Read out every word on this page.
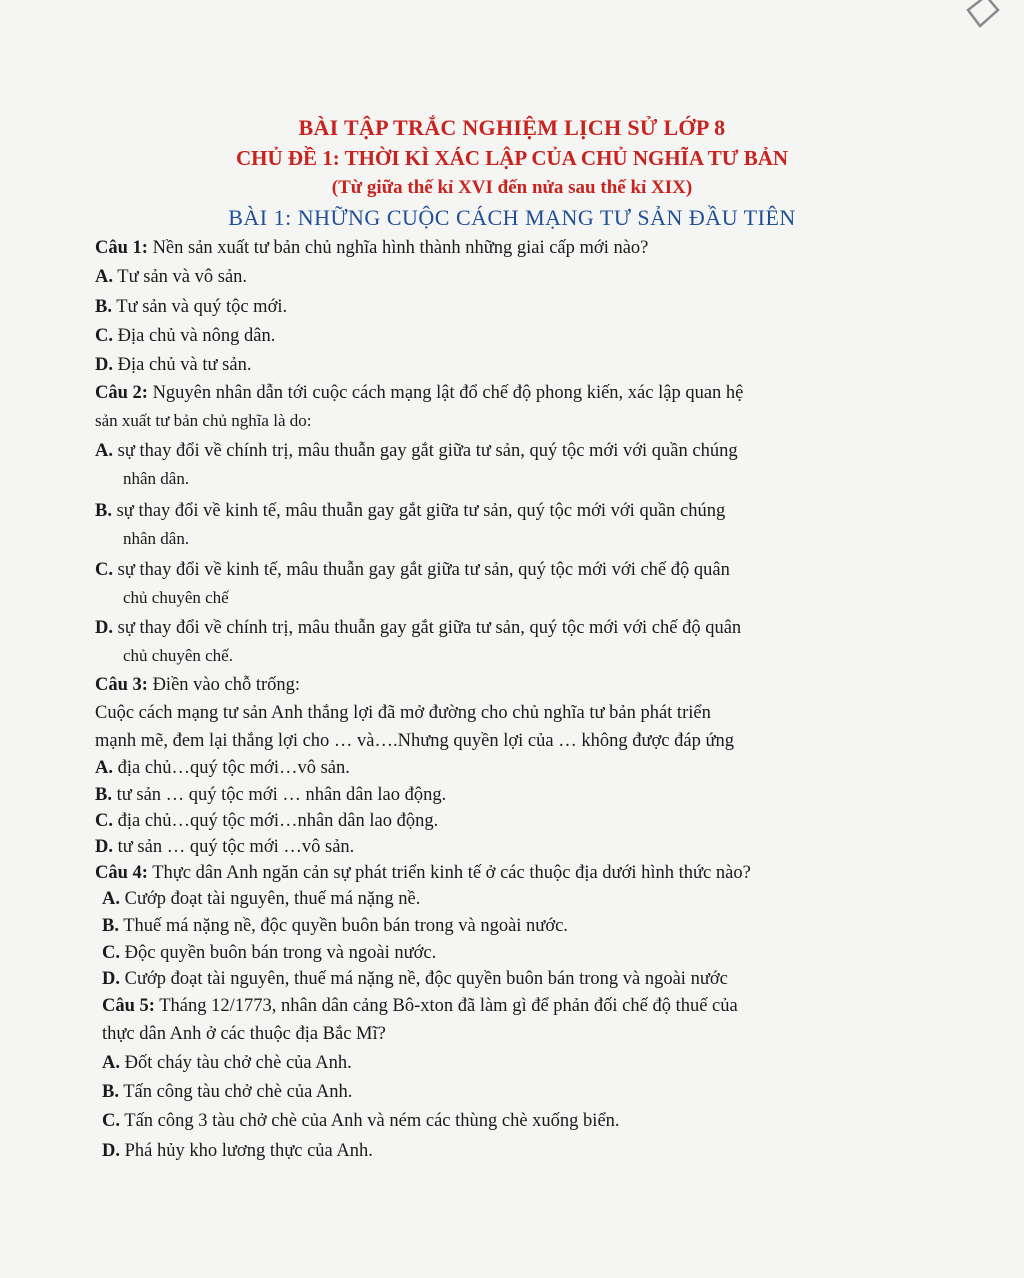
BÀI TẬP TRẮC NGHIỆM LỊCH SỬ LỚP 8
CHỦ ĐỀ 1: THỜI KÌ XÁC LẬP CỦA CHỦ NGHĨA TƯ BẢN
(Từ giữa thế kỉ XVI đến nửa sau thế kỉ XIX)
BÀI 1: NHỮNG CUỘC CÁCH MẠNG TƯ SẢN ĐẦU TIÊN
Câu 1: Nền sản xuất tư bản chủ nghĩa hình thành những giai cấp mới nào?
A. Tư sản và vô sản.
B. Tư sản và quý tộc mới.
C. Địa chủ và nông dân.
D. Địa chủ và tư sản.
Câu 2: Nguyên nhân dẫn tới cuộc cách mạng lật đổ chế độ phong kiến, xác lập quan hệ
sản xuất tư bản chủ nghĩa là do:
A. sự thay đổi về chính trị, mâu thuẫn gay gắt giữa tư sản, quý tộc mới với quần chúng
nhân dân.
B. sự thay đổi về kinh tế, mâu thuẫn gay gắt giữa tư sản, quý tộc mới với quần chúng
nhân dân.
C. sự thay đổi về kinh tế, mâu thuẫn gay gắt giữa tư sản, quý tộc mới với chế độ quân
chủ chuyên chế
D. sự thay đổi về chính trị, mâu thuẫn gay gắt giữa tư sản, quý tộc mới với chế độ quân
chủ chuyên chế.
Câu 3: Điền vào chỗ trống:
Cuộc cách mạng tư sản Anh thắng lợi đã mở đường cho chủ nghĩa tư bản phát triển
mạnh mẽ, đem lại thắng lợi cho … và….Nhưng quyền lợi của … không được đáp ứng
A. địa chủ…quý tộc mới…vô sản.
B. tư sản … quý tộc mới … nhân dân lao động.
C. địa chủ…quý tộc mới…nhân dân lao động.
D. tư sản … quý tộc mới …vô sản.
Câu 4: Thực dân Anh ngăn cản sự phát triển kinh tế ở các thuộc địa dưới hình thức nào?
A. Cướp đoạt tài nguyên, thuế má nặng nề.
B. Thuế má nặng nề, độc quyền buôn bán trong và ngoài nước.
C. Độc quyền buôn bán trong và ngoài nước.
D. Cướp đoạt tài nguyên, thuế má nặng nề, độc quyền buôn bán trong và ngoài nước
Câu 5: Tháng 12/1773, nhân dân cảng Bô-xton đã làm gì để phản đối chế độ thuế của
thực dân Anh ở các thuộc địa Bắc Mĩ?
A. Đốt cháy tàu chở chè của Anh.
B. Tấn công tàu chở chè của Anh.
C. Tấn công 3 tàu chở chè của Anh và ném các thùng chè xuống biển.
D. Phá hủy kho lương thực của Anh.
